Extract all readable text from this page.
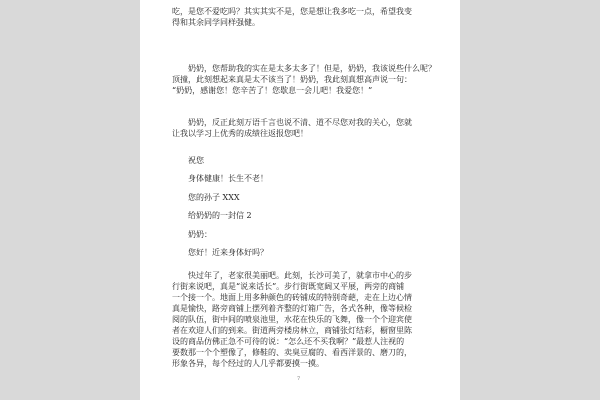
吃，是您不爱吃吗？其实其实不是，您是想让我多吃一点，希望我变
得和其余同学同样强健。
奶奶，您帮助我的实在是太多太多了！但是，奶奶，我该说些什么呢？
顶撞，此刻想起来真是太不该当了！奶奶，我此刻真想高声说一句：
“奶奶，感谢您！您辛苦了！您歇息一会儿吧！我爱您！”
奶奶，反正此刻万语千言也说不清、道不尽您对我的关心，您就
让我以学习上优秀的成绩往返报您吧！
祝您
身体健康！长生不老！
您的孙子 XXX
给奶奶的一封信 2
奶奶：
您好！近来身体好吗？
快过年了，老家很美丽吧。此刻，长沙可美了，就拿市中心的步
行街来说吧，真是“说来话长”。步行街既宽阔又平展，两旁的商铺
一个接一个。地面上用多种颜色的砖铺成的特别奇葩，走在上边心情
真是愉快，路旁商铺上摆列着齐整的灯箱广告，各式各种，像等候检
阅的队伍，街中间的喷泉池里，水花在快乐的飞舞，像一个个迎宾使
者在欢迎人们的到来。街道两旁楼房林立，商铺张灯结彩，橱窗里陈
设的商品仿佛正急不可待的说：“怎么还不买我啊？”最惹人注视的
要数那一个个塑像了，修鞋的、卖臭豆腐的、看西洋景的、磨刀的，
形象各异，每个经过的人几乎都要摸一摸。
7
